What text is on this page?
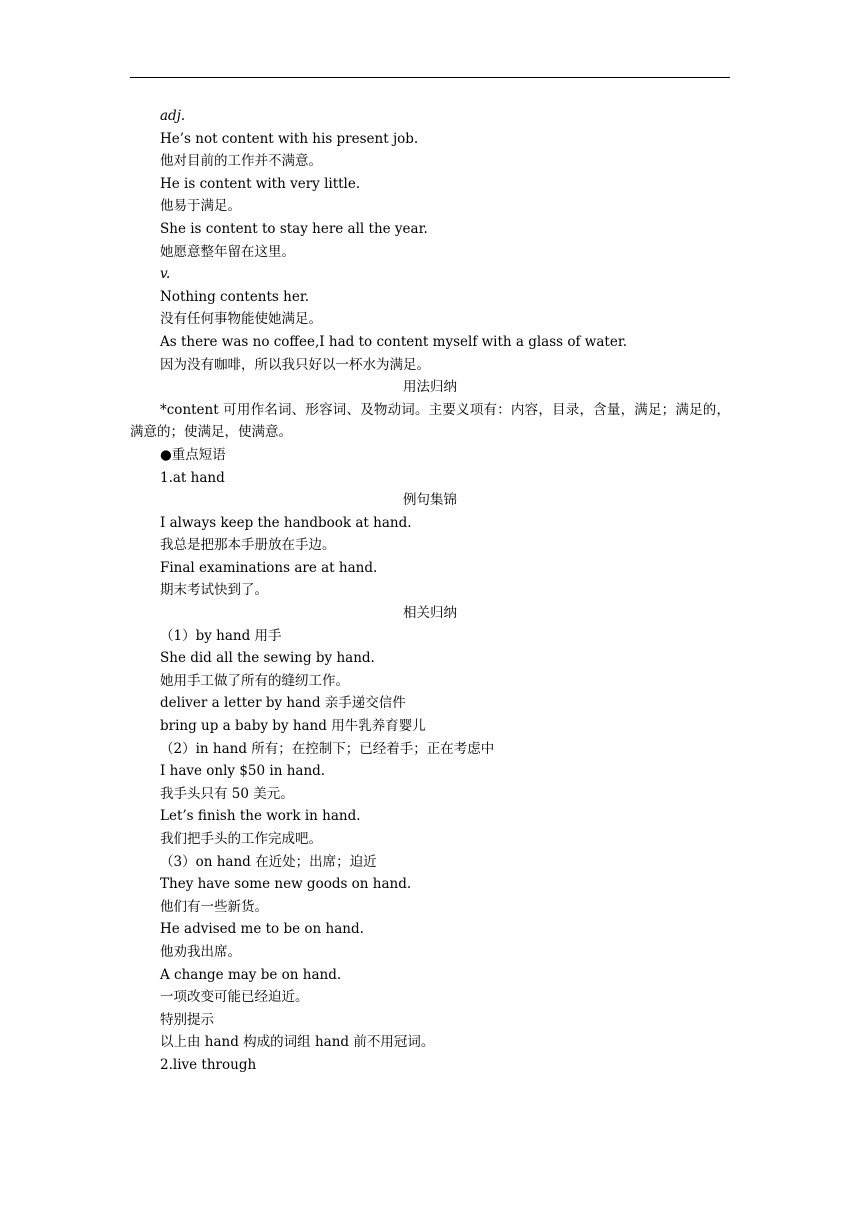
adj.
He’s not content with his present job.
他对目前的工作并不满意。
He is content with very little.
他易于满足。
She is content to stay here all the year.
她愿意整年留在这里。
v.
Nothing contents her.
没有任何事物能使她满足。
As there was no coffee,I had to content myself with a glass of water.
因为没有咖啡，所以我只好以一杯水为满足。
用法归纳
*content 可用作名词、形容词、及物动词。主要义项有：内容，目录，含量，满足；满足的，满意的；使满足，使满意。
●重点短语
1.at hand
例句集锦
I always keep the handbook at hand.
我总是把那本手册放在手边。
Final examinations are at hand.
期末考试快到了。
相关归纳
（1）by hand 用手
She did all the sewing by hand.
她用手工做了所有的缝纫工作。
deliver a letter by hand 亲手递交信件
bring up a baby by hand 用牛乳养育婴儿
（2）in hand 所有；在控制下；已经着手；正在考虑中
I have only $50 in hand.
我手头只有 50 美元。
Let’s finish the work in hand.
我们把手头的工作完成吧。
（3）on hand 在近处；出席；迫近
They have some new goods on hand.
他们有一些新货。
He advised me to be on hand.
他劝我出席。
A change may be on hand.
一项改变可能已经迫近。
特别提示
以上由 hand 构成的词组 hand 前不用冠词。
2.live through
